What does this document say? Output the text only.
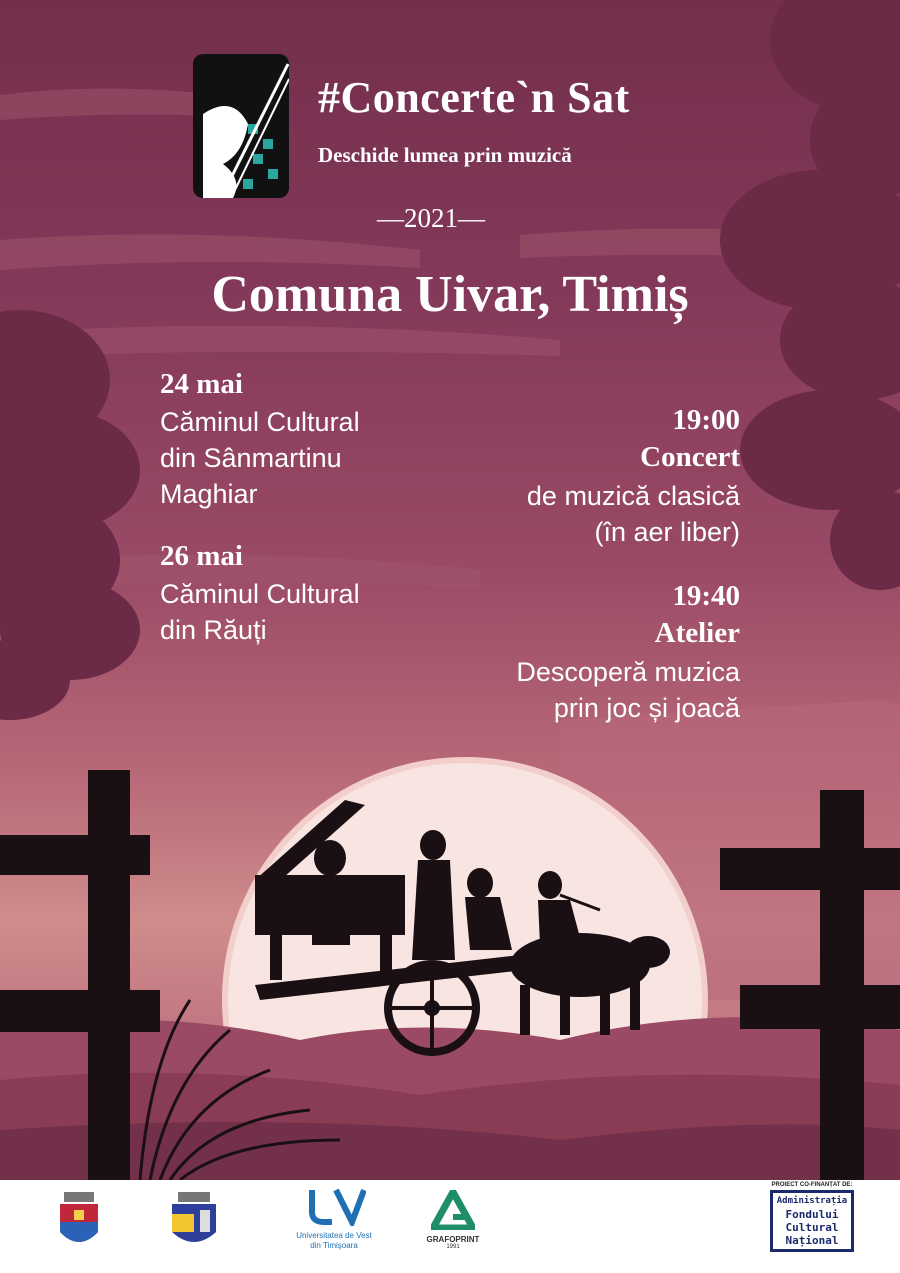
#Concerte`n Sat

Deschide lumea prin muzică

—2021—

Comuna Uivar, Timiș

24 mai

Căminul Cultural

din Sânmartinu

Maghiar

26 mai

Căminul Cultural

din Răuți

19:00

Concert

de muzică clasică

(în aer liber)

19:40

Atelier

Descoperă muzica

prin joc și joacă

Universitatea de Vest
din Timişoara
GRAFOPRINT
1991
PROIECT CO-FINANȚAT DE:
Administrația
Fondului
Cultural
Național
